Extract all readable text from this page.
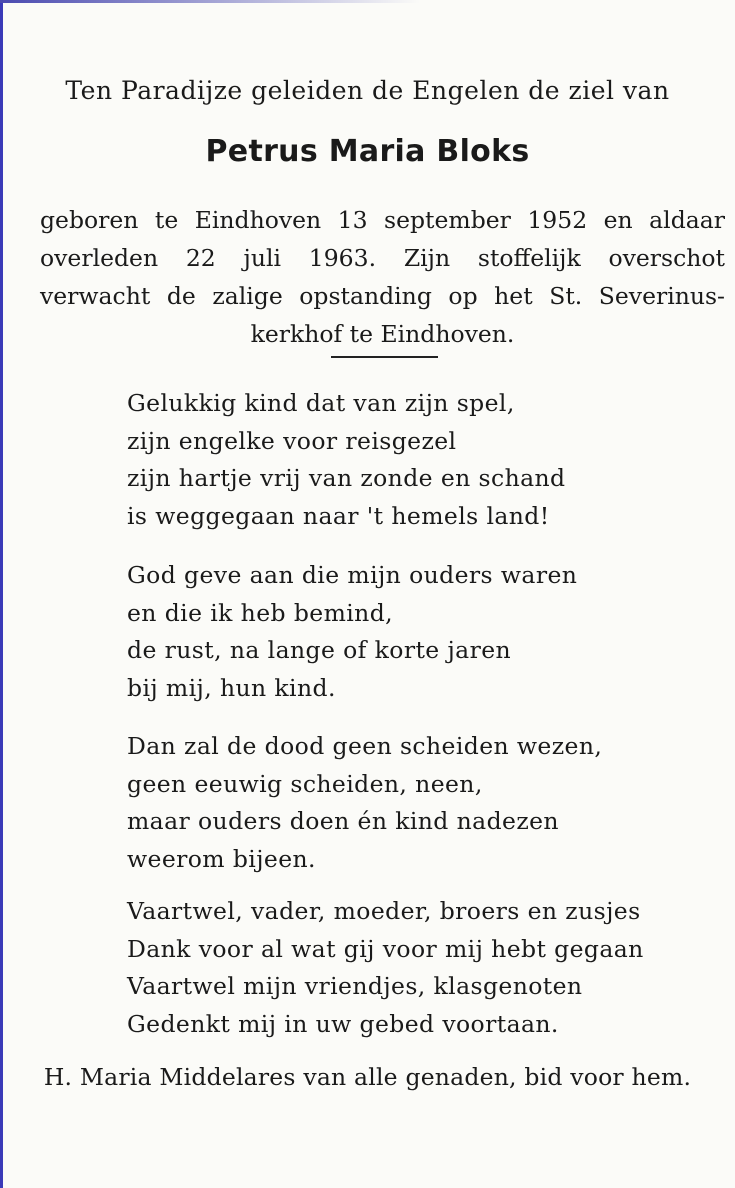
Ten Paradijze geleiden de Engelen de ziel van
Petrus Maria Bloks
geboren te Eindhoven 13 september 1952 en aldaar
overleden 22 juli 1963. Zijn stoffelijk overschot
verwacht de zalige opstanding op het St. Severinus-
kerkhof te Eindhoven.
Gelukkig kind dat van zijn spel,
zijn engelke voor reisgezel
zijn hartje vrij van zonde en schand
is weggegaan naar 't hemels land!
God geve aan die mijn ouders waren
en die ik heb bemind,
de rust, na lange of korte jaren
bij mij, hun kind.
Dan zal de dood geen scheiden wezen,
geen eeuwig scheiden, neen,
maar ouders doen én kind nadezen
weerom bijeen.
Vaartwel, vader, moeder, broers en zusjes
Dank voor al wat gij voor mij hebt gegaan
Vaartwel mijn vriendjes, klasgenoten
Gedenkt mij in uw gebed voortaan.
H. Maria Middelares van alle genaden, bid voor hem.
